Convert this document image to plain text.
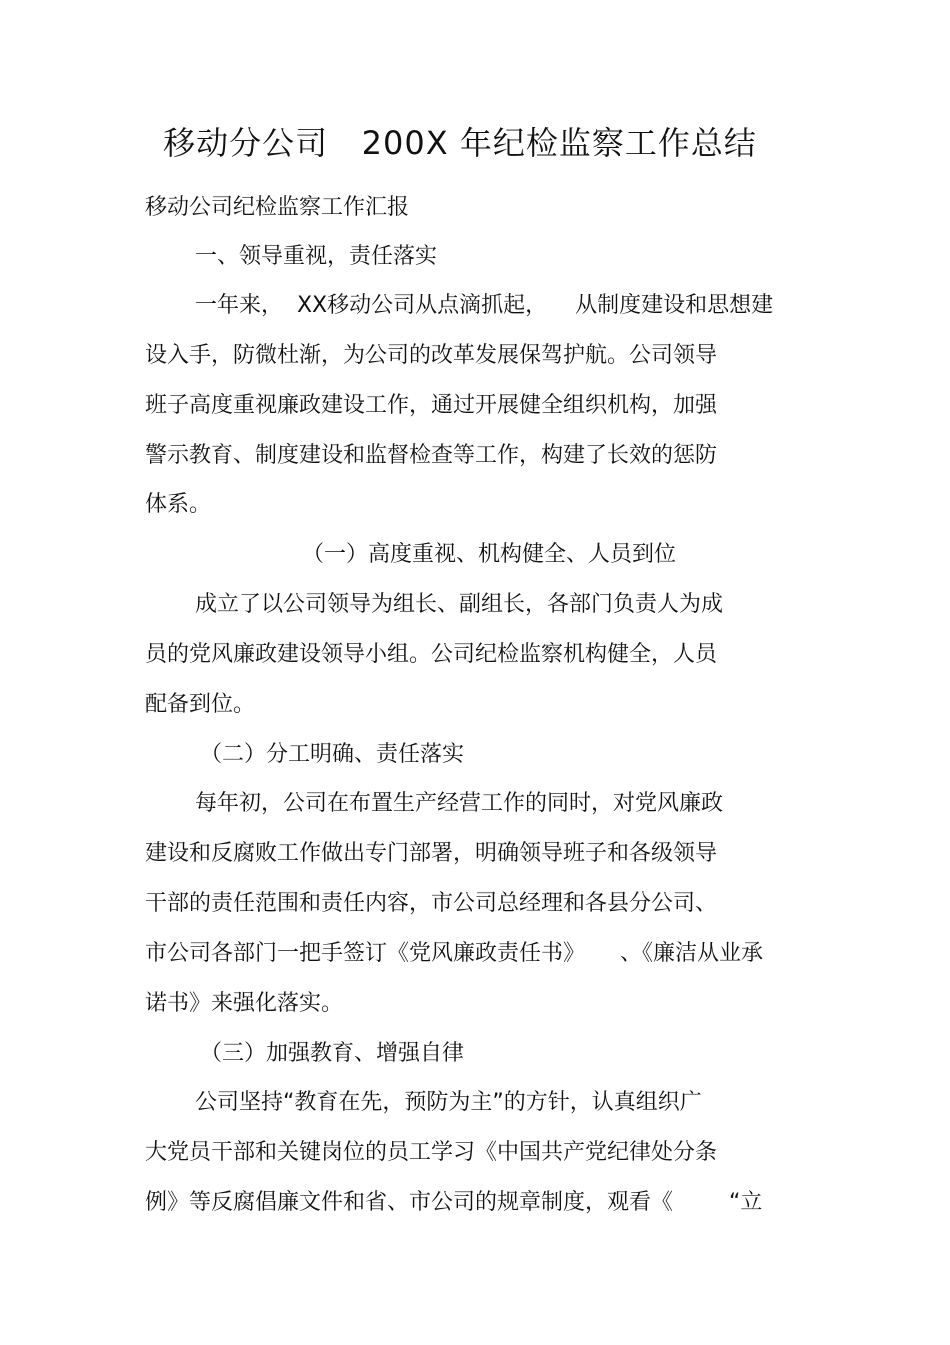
移动分公司   200X 年纪检监察工作总结
移动公司纪检监察工作汇报
一、领导重视，责任落实
一年来，  XX移动公司从点滴抓起，    从制度建设和思想建
设入手，防微杜渐，为公司的改革发展保驾护航。公司领导
班子高度重视廉政建设工作，通过开展健全组织机构，加强
警示教育、制度建设和监督检查等工作，构建了长效的惩防
体系。
（一）高度重视、机构健全、人员到位
成立了以公司领导为组长、副组长，各部门负责人为成
员的党风廉政建设领导小组。公司纪检监察机构健全，人员
配备到位。
（二）分工明确、责任落实
每年初，公司在布置生产经营工作的同时，对党风廉政
建设和反腐败工作做出专门部署，明确领导班子和各级领导
干部的责任范围和责任内容，市公司总经理和各县分公司、
市公司各部门一把手签订《党风廉政责任书》     、《廉洁从业承
诺书》来强化落实。
（三）加强教育、增强自律
公司坚持“教育在先，预防为主”的方针，认真组织广
大党员干部和关键岗位的员工学习《中国共产党纪律处分条
例》等反腐倡廉文件和省、市公司的规章制度，观看《        “立
